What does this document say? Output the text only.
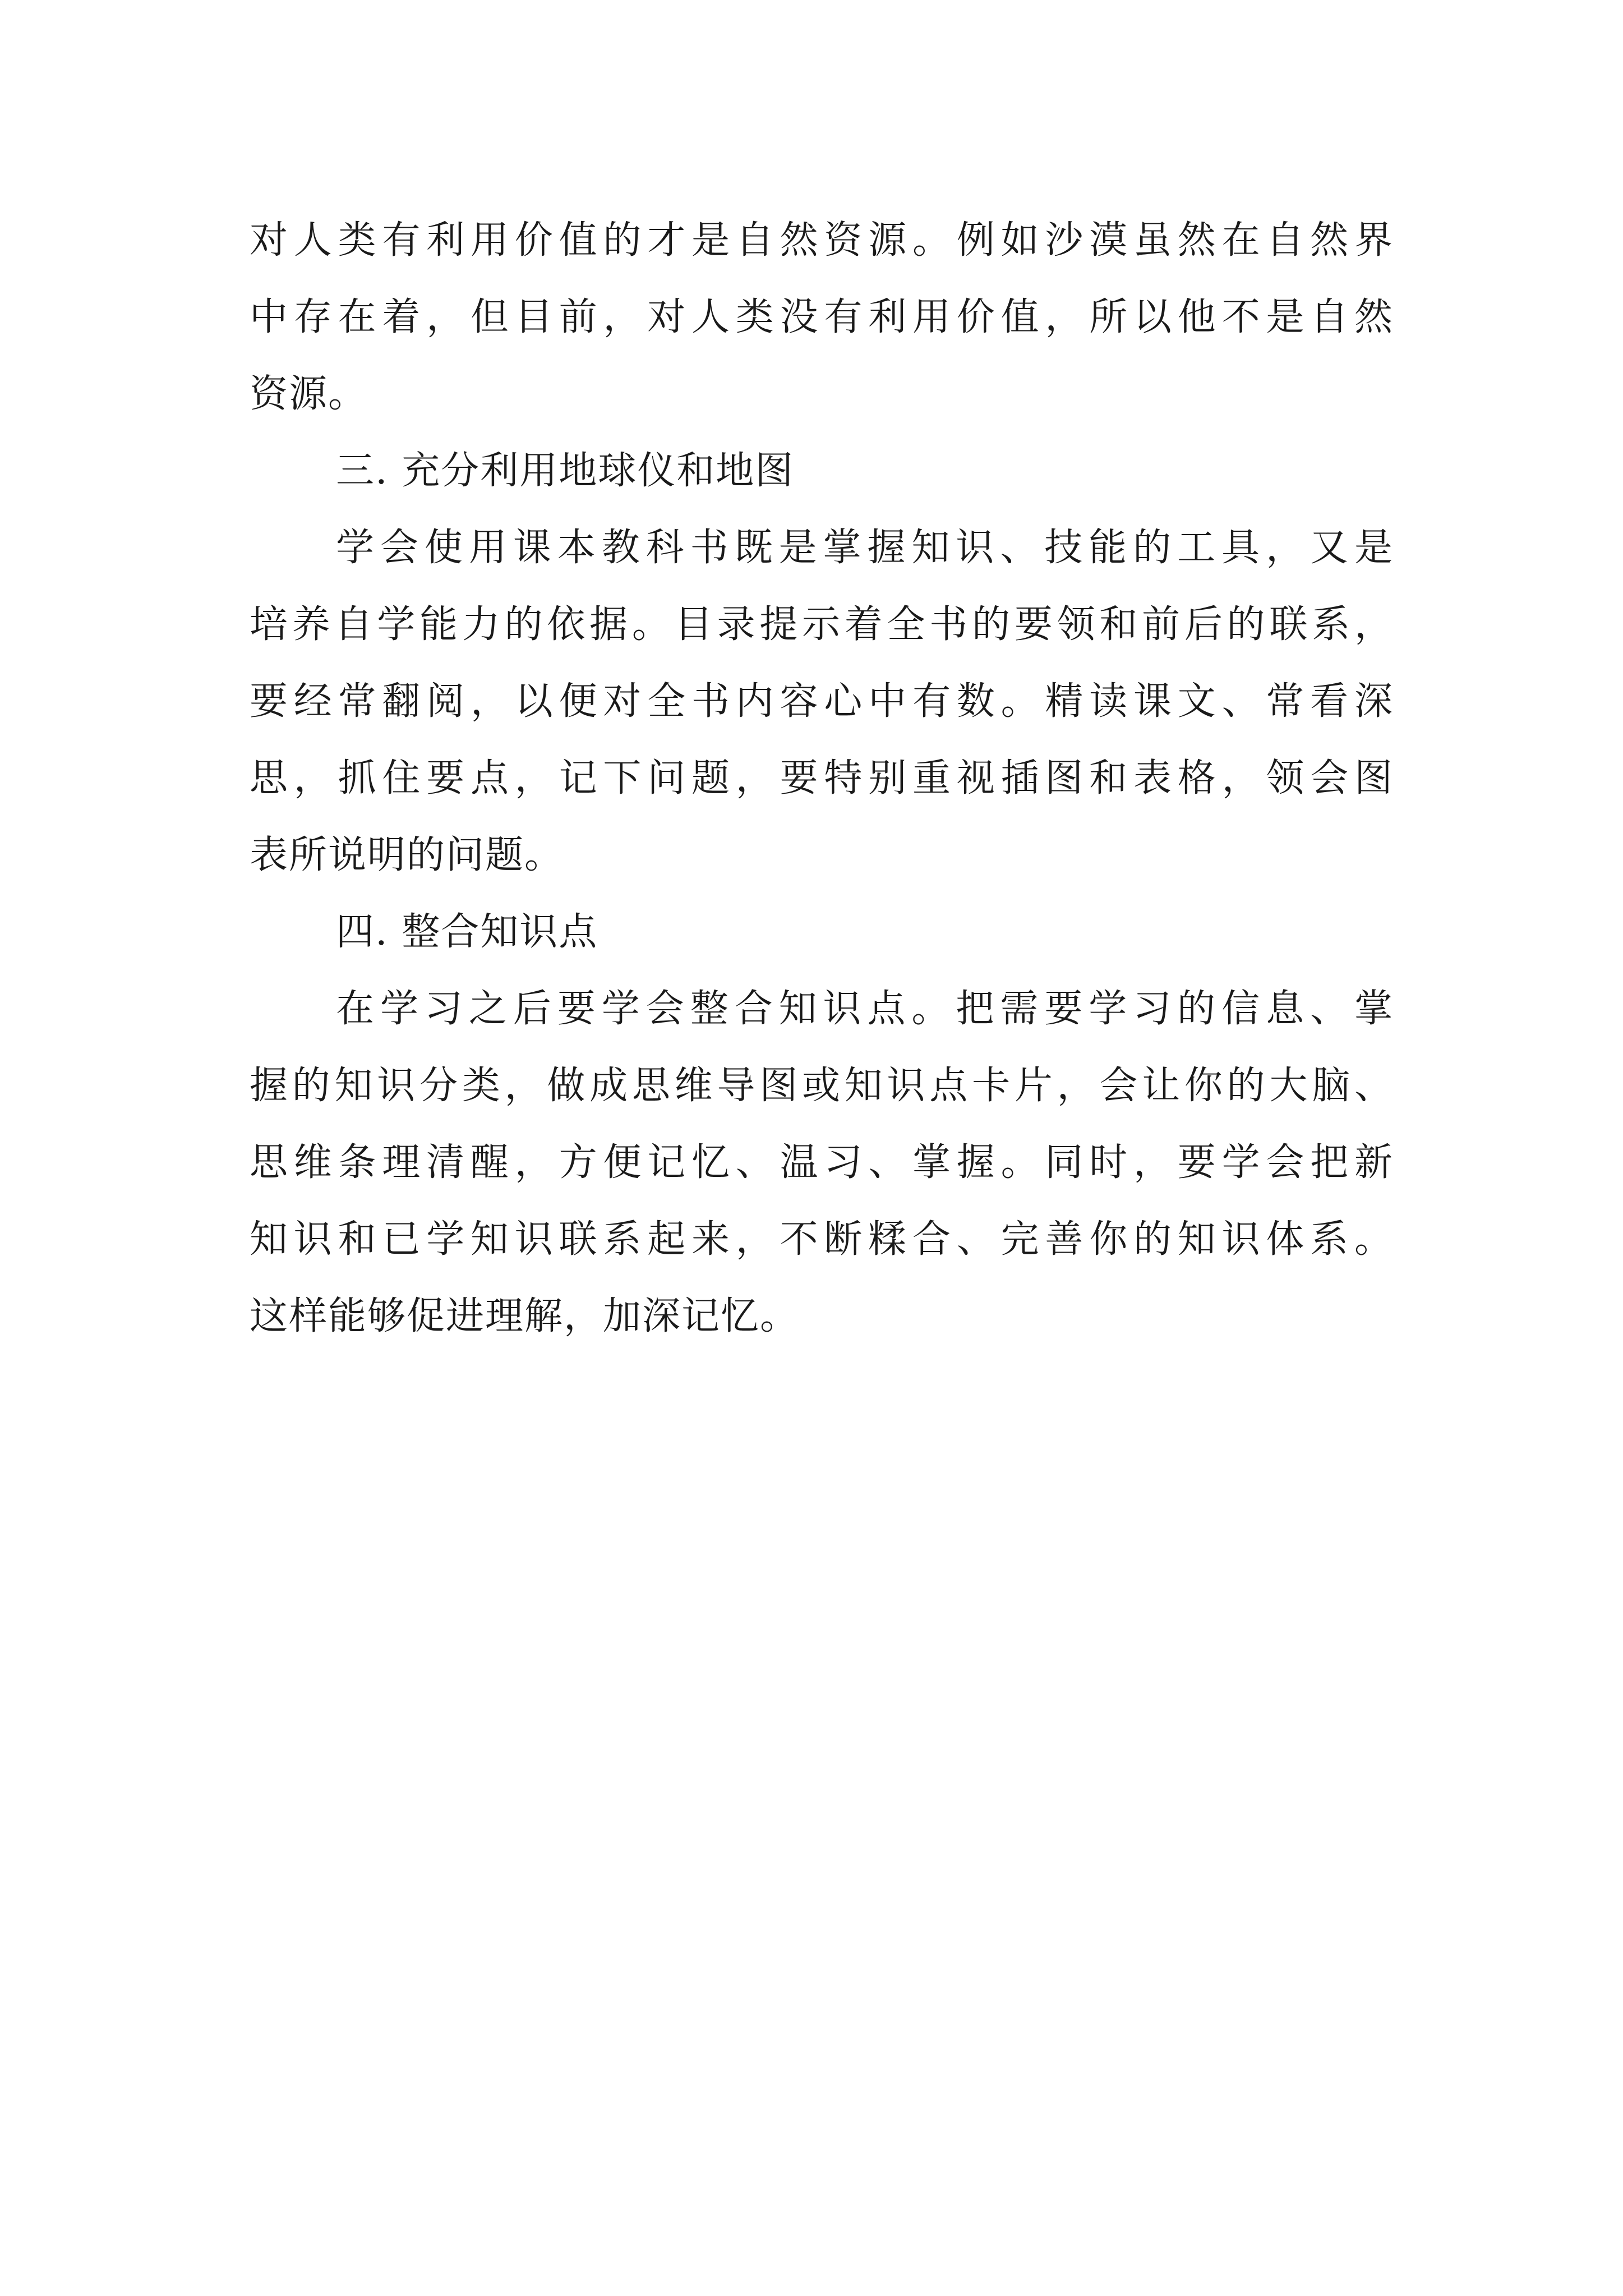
对人类有利用价值的才是自然资源。例如沙漠虽然在自然界
中存在着，但目前，对人类没有利用价值，所以他不是自然
资源。
三. 充分利用地球仪和地图
学会使用课本教科书既是掌握知识、技能的工具，又是
培养自学能力的依据。目录提示着全书的要领和前后的联系，
要经常翻阅，以便对全书内容心中有数。精读课文、常看深
思，抓住要点，记下问题，要特别重视插图和表格，领会图
表所说明的问题。
四. 整合知识点
在学习之后要学会整合知识点。把需要学习的信息、掌
握的知识分类，做成思维导图或知识点卡片，会让你的大脑、
思维条理清醒，方便记忆、温习、掌握。同时，要学会把新
知识和已学知识联系起来，不断糅合、完善你的知识体系。
这样能够促进理解，加深记忆。
